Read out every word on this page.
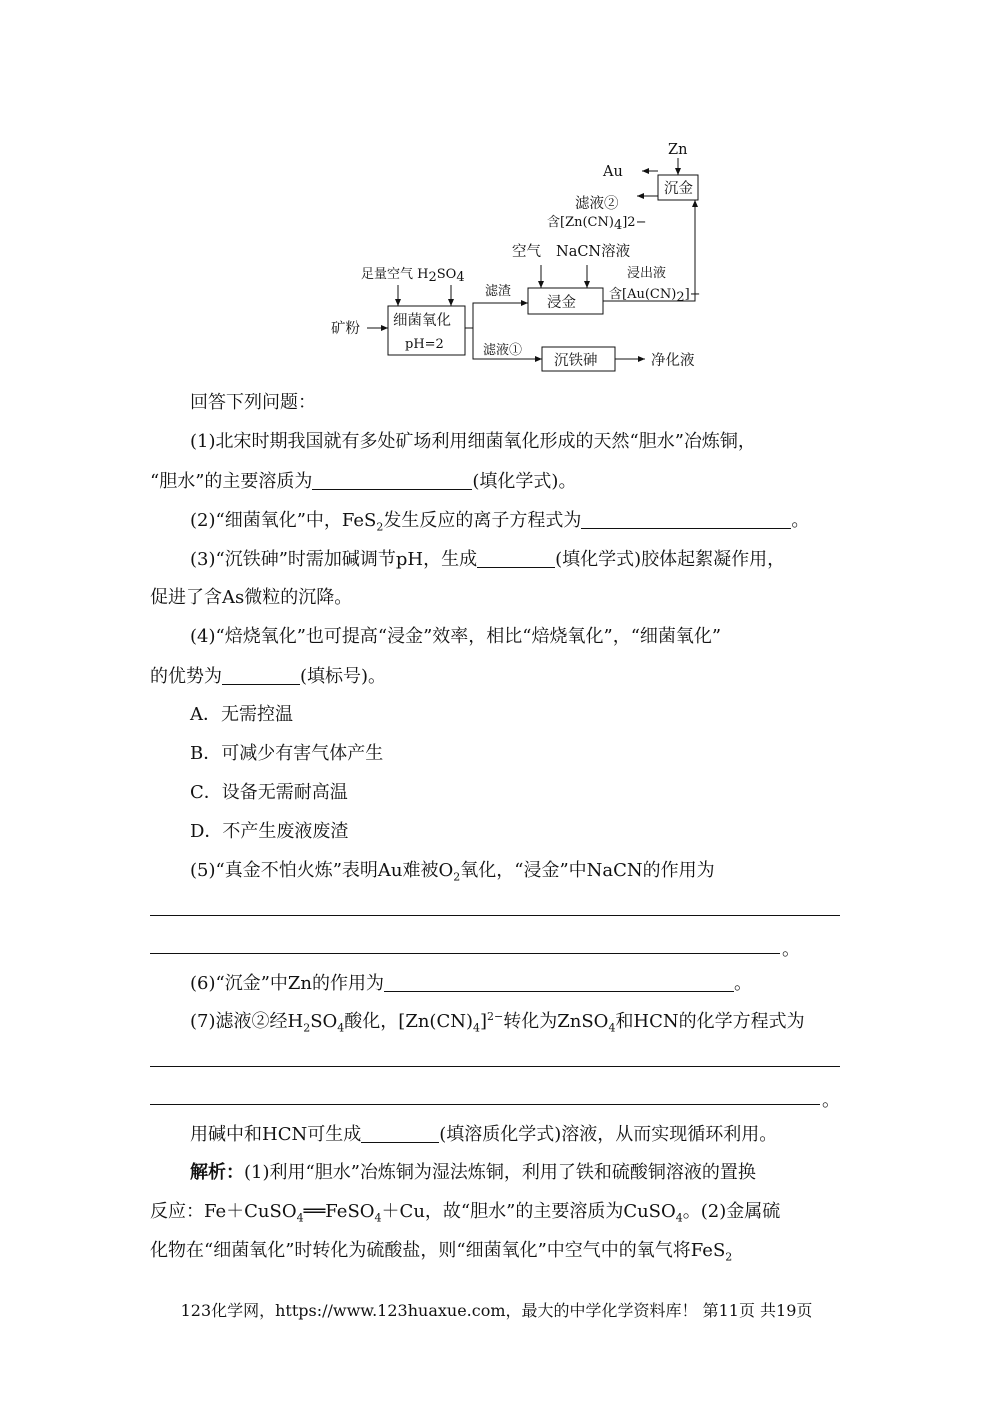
Zn
Au
沉金
滤液②
含[Zn(CN)4]2−
空气 NaCN溶液
浸出液
含[Au(CN)2]−
足量空气 H2SO4
滤渣
浸金
矿粉 细菌氧化
pH=2	滤液①
沉铁砷	净化液
回答下列问题：
(1)北宋时期我国就有多处矿场利用细菌氧化形成的天然“胆水”冶炼铜，
“胆水”的主要溶质为	(填化学式)。
(2)“细菌氧化”中，FeS$_2$发生反应的离子方程式为	。
(3)“沉铁砷”时需加碱调节pH，生成	(填化学式)胶体起絮凝作用，
促进了含As微粒的沉降。
(4)“焙烧氧化”也可提高“浸金”效率，相比“焙烧氧化”，“细菌氧化”
的优势为	(填标号)。
A．无需控温
B．可减少有害气体产生
C．设备无需耐高温
D．不产生废液废渣
(5)“真金不怕火炼”表明Au难被$O_2$氧化，“浸金”中NaCN的作用为
。
(6)“沉金”中Zn的作用为	。
(7)滤液②经$H_2SO_4$酸化，$[Zn(CN)_4]^{2-}$转化为ZnSO$_4$和HCN的化学方程式为
。
用碱中和HCN可生成	(填溶质化学式)溶液，从而实现循环利用。
解析：(1)利用“胆水”冶炼铜为湿法炼铜，利用了铁和硫酸铜溶液的置换
反应：Fe＋CuSO$_4$══FeSO$_4$＋Cu，故“胆水”的主要溶质为CuSO$_4$。(2)金属硫
化物在“细菌氧化”时转化为硫酸盐，则“细菌氧化”中空气中的氧气将FeS$_2$
123化学网，https://www.123huaxue.com，最大的中学化学资料库！ 第11页 共19页
